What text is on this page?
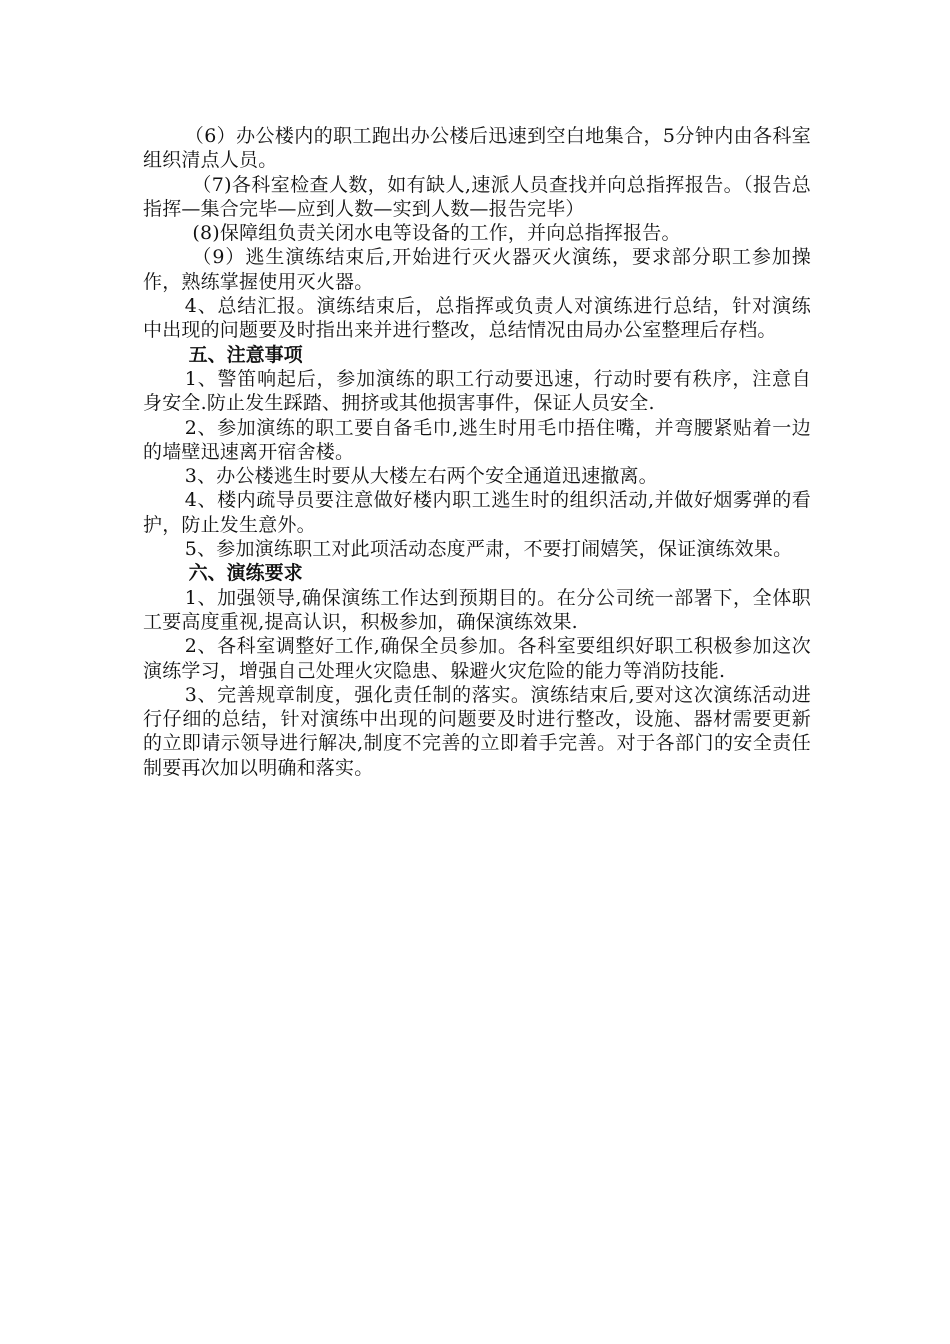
（6）办公楼内的职工跑出办公楼后迅速到空白地集合，5分钟内由各科室组织清点人员。

（7)各科室检查人数，如有缺人,速派人员查找并向总指挥报告。（报告总指挥—集合完毕—应到人数—实到人数—报告完毕）

(8)保障组负责关闭水电等设备的工作，并向总指挥报告。

（9）逃生演练结束后,开始进行灭火器灭火演练，要求部分职工参加操作，熟练掌握使用灭火器。

4、总结汇报。演练结束后，总指挥或负责人对演练进行总结，针对演练中出现的问题要及时指出来并进行整改，总结情况由局办公室整理后存档。

五、注意事项

1、警笛响起后，参加演练的职工行动要迅速，行动时要有秩序，注意自身安全.防止发生踩踏、拥挤或其他损害事件，保证人员安全.

2、参加演练的职工要自备毛巾,逃生时用毛巾捂住嘴，并弯腰紧贴着一边的墙壁迅速离开宿舍楼。

3、办公楼逃生时要从大楼左右两个安全通道迅速撤离。

4、楼内疏导员要注意做好楼内职工逃生时的组织活动,并做好烟雾弹的看护，防止发生意外。

5、参加演练职工对此项活动态度严肃，不要打闹嬉笑，保证演练效果。

六、演练要求

1、加强领导,确保演练工作达到预期目的。在分公司统一部署下，全体职工要高度重视,提高认识，积极参加，确保演练效果.

2、各科室调整好工作,确保全员参加。各科室要组织好职工积极参加这次演练学习，增强自己处理火灾隐患、躲避火灾危险的能力等消防技能.

3、完善规章制度，强化责任制的落实。演练结束后,要对这次演练活动进行仔细的总结，针对演练中出现的问题要及时进行整改，设施、器材需要更新的立即请示领导进行解决,制度不完善的立即着手完善。对于各部门的安全责任制要再次加以明确和落实。
